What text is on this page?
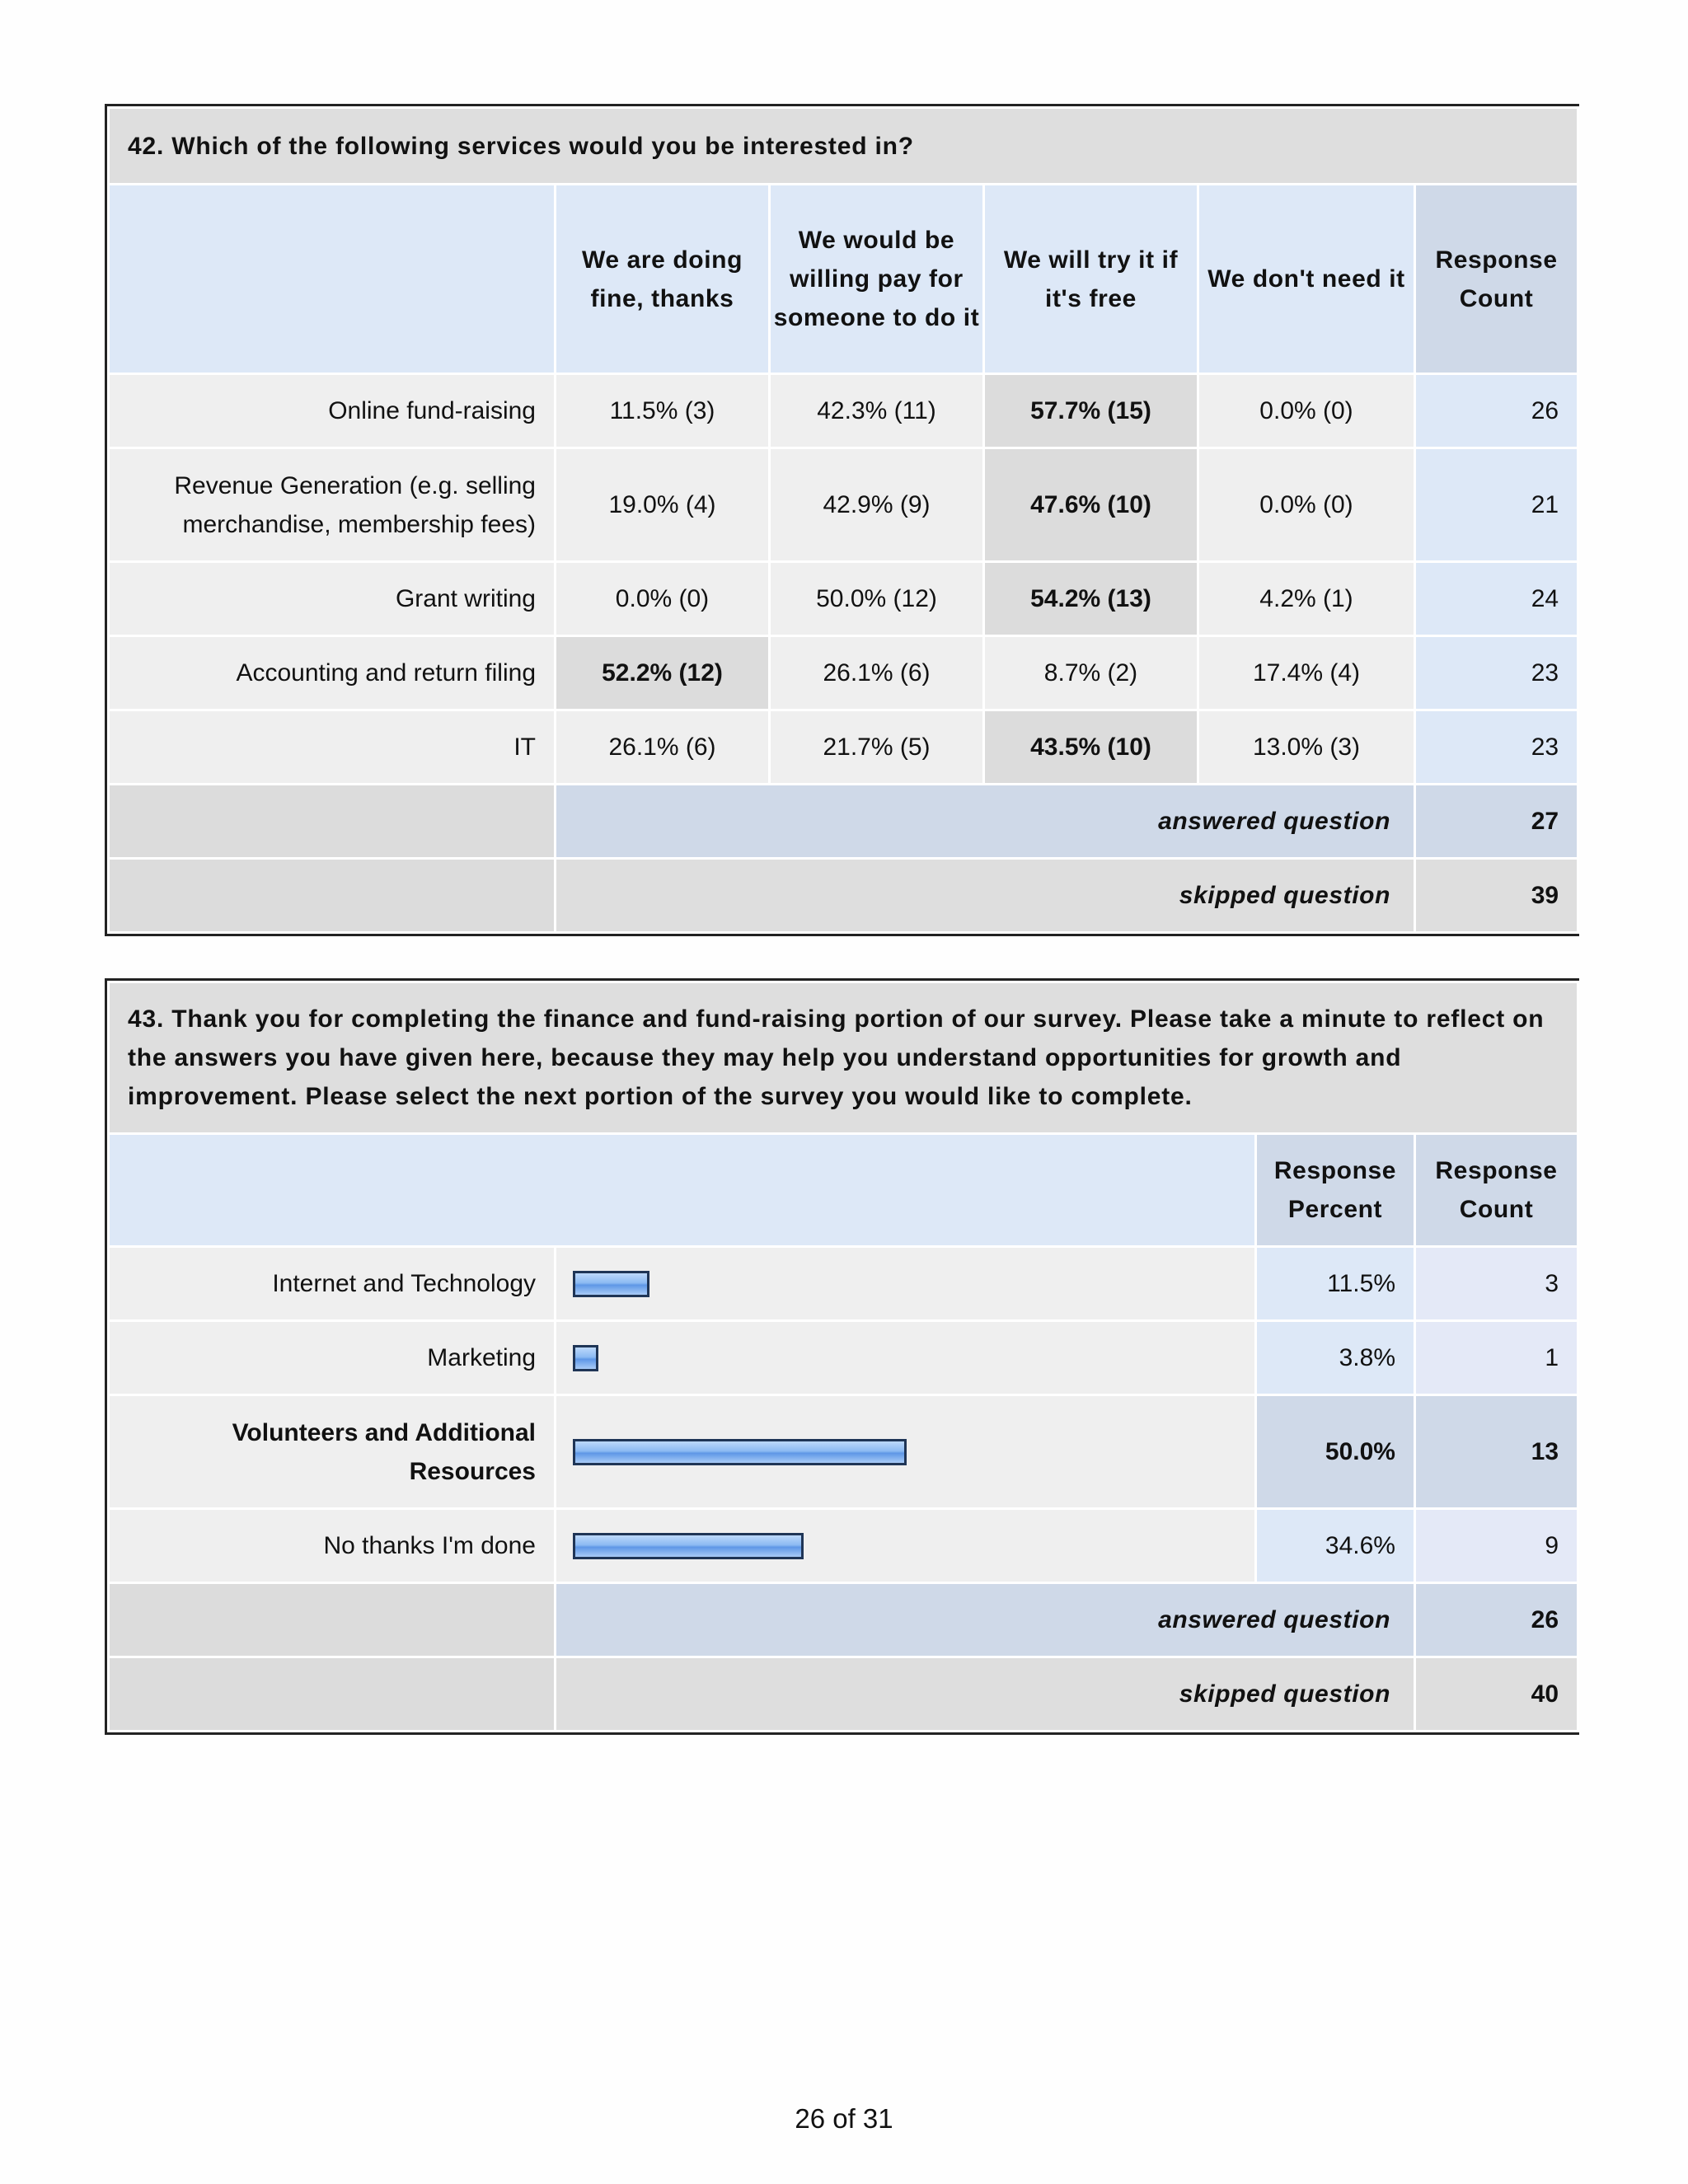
42. Which of the following services would you be interested in?					
	We are doing fine, thanks	We would be willing pay for someone to do it	We will try it if it's free	We don't need it	Response Count
Online fund-raising	11.5% (3)	42.3% (11)	57.7% (15)	0.0% (0)	26
Revenue Generation (e.g. selling merchandise, membership fees)	19.0% (4)	42.9% (9)	47.6% (10)	0.0% (0)	21
Grant writing	0.0% (0)	50.0% (12)	54.2% (13)	4.2% (1)	24
Accounting and return filing	52.2% (12)	26.1% (6)	8.7% (2)	17.4% (4)	23
IT	26.1% (6)	21.7% (5)	43.5% (10)	13.0% (3)	23
	answered question				27
	skipped question				39
43. Thank you for completing the finance and fund-raising portion of our survey. Please take a minute to reflect on the answers you have given here, because they may help you understand opportunities for growth and improvement. Please select the next portion of the survey you would like to complete.			
		Response Percent	Response Count
Internet and Technology		11.5%	3
Marketing		3.8%	1
Volunteers and Additional Resources		50.0%	13
No thanks I'm done		34.6%	9
	answered question		26
	skipped question		40
26 of 31
